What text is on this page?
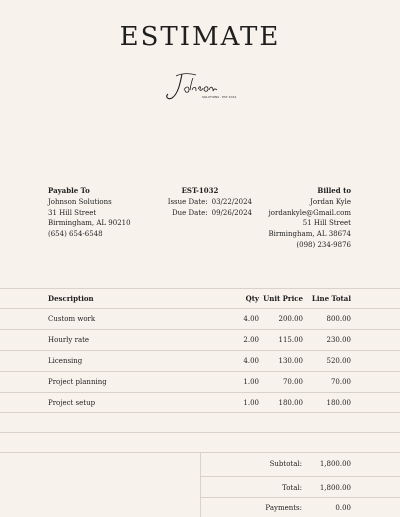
ESTIMATE
SOLUTIONS · EST 2014
Payable To
Johnson Solutions
31 Hill Street
Birmingham, AL 90210
(654) 654-6548
EST-1032
Issue Date: 03/22/2024
Due Date: 09/26/2024
Billed to
Jordan Kyle
jordankyle@Gmail.com
51 Hill Street
Birmingham, AL 38674
(098) 234-9876
Description	Qty Unit Price Line Total
Custom work	4.00	200.00	800.00
Hourly rate	2.00	115.00	230.00
Licensing	4.00	130.00	520.00
Project planning	1.00	70.00	70.00
Project setup	1.00	180.00	180.00
Subtotal:	1,800.00
Total:	1,800.00
Payments:	0.00
